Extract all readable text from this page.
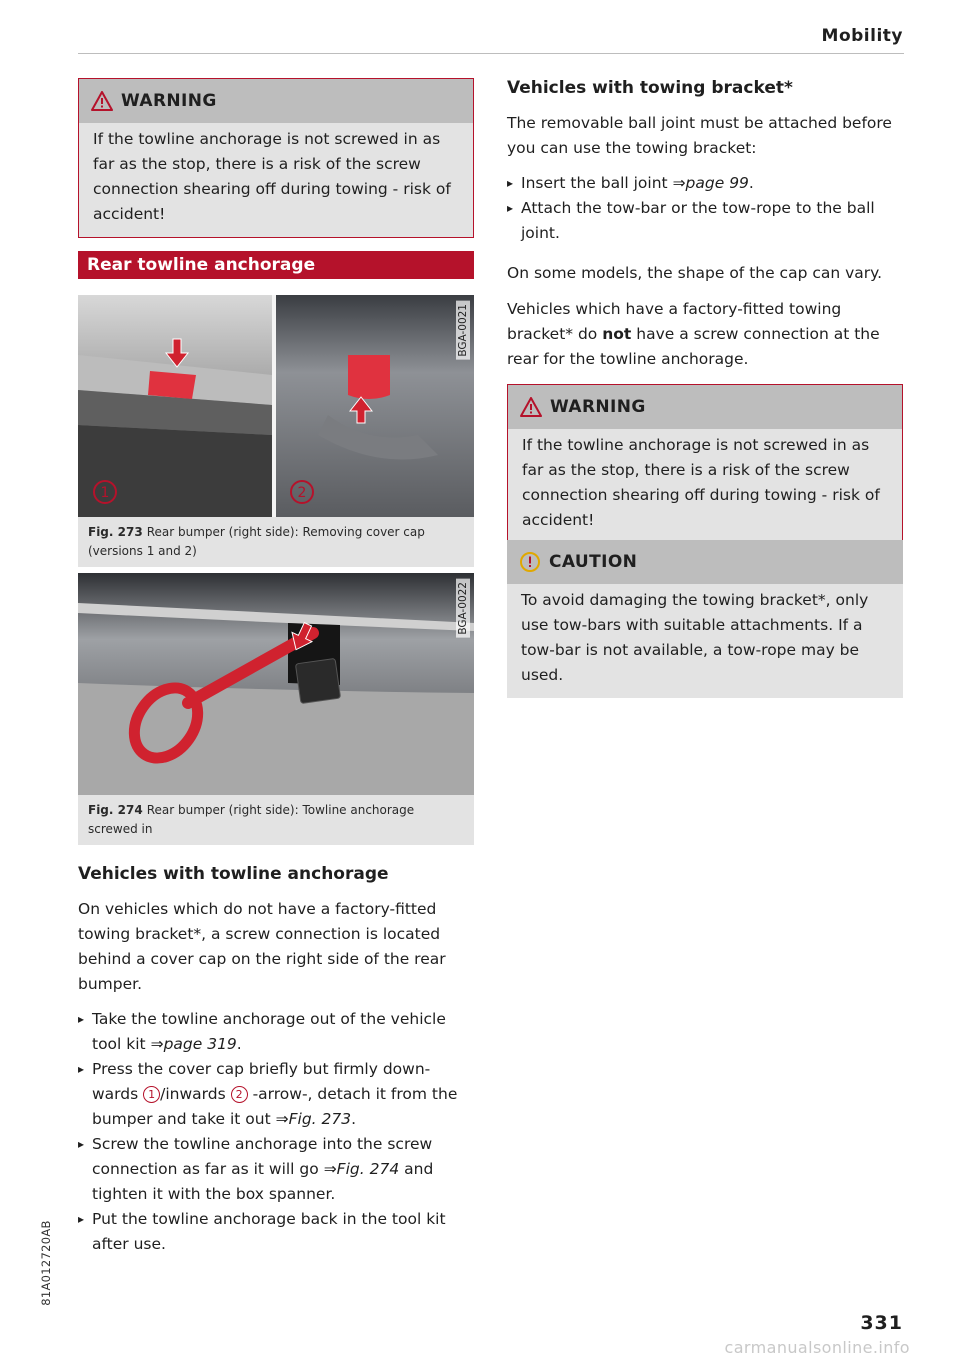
Mobility
WARNING
If the towline anchorage is not screwed in as far as the stop, there is a risk of the screw connection shearing off during towing - risk of accident!
Rear towline anchorage
1	2
BGA-0021
Fig. 273 Rear bumper (right side): Removing cover cap (versions 1 and 2)
BGA-0022
Fig. 274 Rear bumper (right side): Towline anchorage screwed in
Vehicles with towline anchorage

On vehicles which do not have a factory-fitted towing bracket*, a screw connection is located behind a cover cap on the right side of the rear bumper.

▸ Take the towline anchorage out of the vehicle tool kit ⇒page 319.
▸ Press the cover cap briefly but firmly down-wards 1 /inwards 2 -arrow-, detach it from the bumper and take it out ⇒Fig. 273.
▸ Screw the towline anchorage into the screw connection as far as it will go ⇒Fig. 274 and tighten it with the box spanner.
▸ Put the towline anchorage back in the tool kit after use.
Vehicles with towing bracket*

The removable ball joint must be attached before you can use the towing bracket:

▸ Insert the ball joint ⇒page 99.
▸ Attach the tow-bar or the tow-rope to the ball joint.

On some models, the shape of the cap can vary.

Vehicles which have a factory-fitted towing bracket* do not have a screw connection at the rear for the towline anchorage.

WARNING
If the towline anchorage is not screwed in as far as the stop, there is a risk of the screw connection shearing off during towing - risk of accident!
CAUTION
To avoid damaging the towing bracket*, only use tow-bars with suitable attachments. If a tow-bar is not available, a tow-rope may be used.
81A012720AB
331
carmanualsonline.info
